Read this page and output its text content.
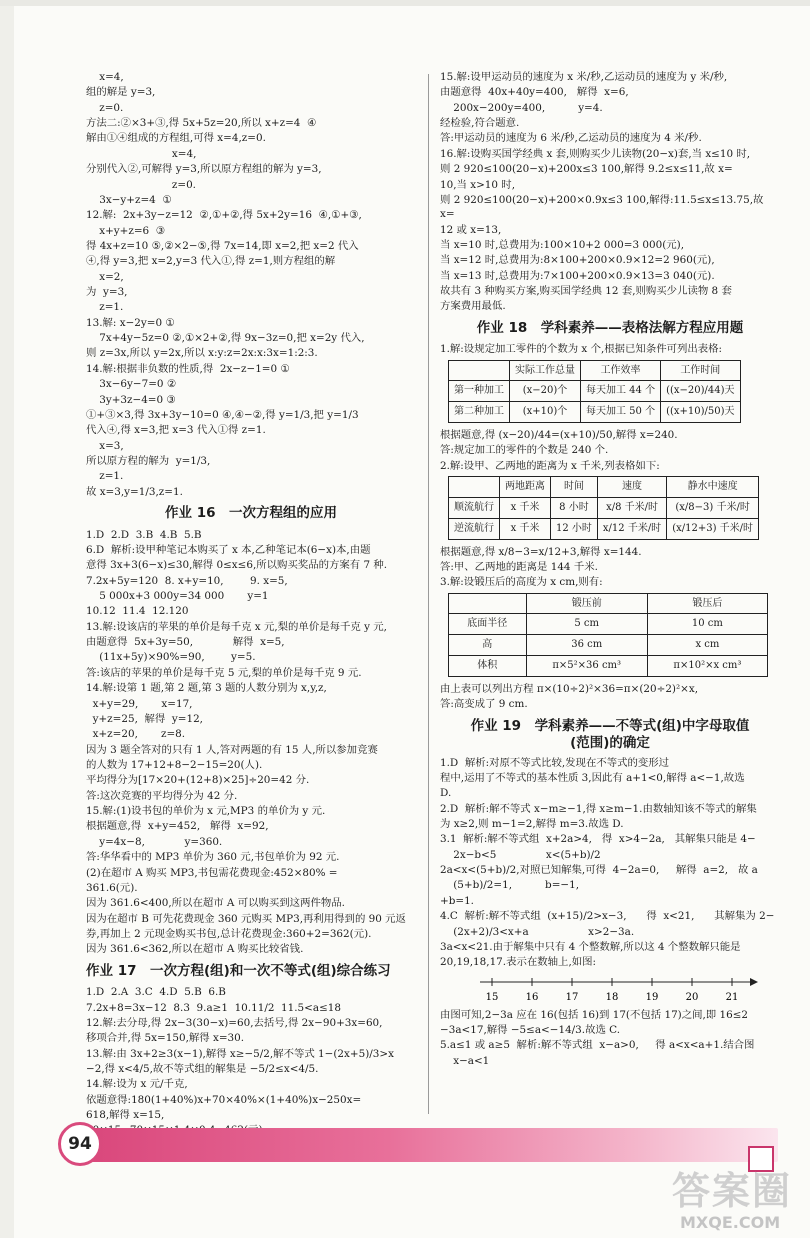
x=4,

组的解是 y=3,

z=0.

方法二:②×3+③,得 5x+5z=20,所以 x+z=4  ④

解由①④组成的方程组,可得 x=4,z=0.

x=4,

分别代入②,可解得 y=3,所以原方程组的解为 y=3,

z=0.

3x−y+z=4  ①

12.解:  2x+3y−z=12  ②,①+②,得 5x+2y=16  ④,①+③,

x+y+z=6  ③

得 4x+z=10 ⑤,②×2−⑤,得 7x=14,即 x=2,把 x=2 代入

④,得 y=3,把 x=2,y=3 代入①,得 z=1,则方程组的解

x=2,

为  y=3,

z=1.

13.解: x−2y=0 ①

7x+4y−5z=0 ②,①×2+②,得 9x−3z=0,把 x=2y 代入,

则 z=3x,所以 y=2x,所以 x:y:z=2x:x:3x=1:2:3.

14.解:根据非负数的性质,得  2x−z−1=0 ①

3x−6y−7=0 ②

3y+3z−4=0 ③

①+③×3,得 3x+3y−10=0 ④,④−②,得 y=1/3,把 y=1/3

代入④,得 x=3,把 x=3 代入①得 z=1.

x=3,

所以原方程的解为  y=1/3,

z=1.

故 x=3,y=1/3,z=1.

作业 16　一次方程组的应用

1.D  2.D  3.B  4.B  5.B

6.D  解析:设甲种笔记本购买了 x 本,乙种笔记本(6−x)本,由题

意得 3x+3(6−x)≤30,解得 0≤x≤6,所以购买奖品的方案有 7 种.

7.2x+5y=120  8. x+y=10,        9. x=5,

5 000x+3 000y=34 000       y=1

10.12  11.4  12.120

13.解:设该店的苹果的单价是每千克 x 元,梨的单价是每千克 y 元,

由题意得  5x+3y=50,            解得  x=5,

(11x+5y)×90%=90,        y=5.

答:该店的苹果的单价是每千克 5 元,梨的单价是每千克 9 元.

14.解:设第 1 题,第 2 题,第 3 题的人数分别为 x,y,z,

x+y=29,       x=17,

y+z=25,  解得  y=12,

x+z=20,       z=8.

因为 3 题全答对的只有 1 人,答对两题的有 15 人,所以参加竞赛

的人数为 17+12+8−2−15=20(人).

平均得分为[17×20+(12+8)×25]÷20=42 分.

答:这次竞赛的平均得分为 42 分.

15.解:(1)设书包的单价为 x 元,MP3 的单价为 y 元.

根据题意,得  x+y=452,   解得  x=92,

y=4x−8,            y=360.

答:华华看中的 MP3 单价为 360 元,书包单价为 92 元.

(2)在超市 A 购买 MP3,书包需花费现金:452×80% =

361.6(元).

因为 361.6<400,所以在超市 A 可以购买到这两件物品.

因为在超市 B 可先花费现金 360 元购买 MP3,再利用得到的 90 元返

券,再加上 2 元现金购买书包,总计花费现金:360+2=362(元).

因为 361.6<362,所以在超市 A 购买比较省钱.

作业 17　一次方程(组)和一次不等式(组)综合练习

1.D  2.A  3.C  4.D  5.B  6.B

7.2x+8=3x−12  8.3  9.a≥1  10.11/2  11.5<a≤18

12.解:去分母,得 2x−3(30−x)=60,去括号,得 2x−90+3x=60,

移项合并,得 5x=150,解得 x=30.

13.解:由 3x+2≥3(x−1),解得 x≥−5/2,解不等式 1−(2x+5)/3>x

−2,得 x<4/5,故不等式组的解集是 −5/2≤x<4/5.

14.解:设为 x 元/千克,

依题意得:180(1+40%)x+70×40%×(1+40%)x−250x=

618,解得 x=15,

15.解:设甲运动员的速度为 x 米/秒,乙运动员的速度为 y 米/秒,

由题意得  40x+40y=400,   解得  x=6,

200x−200y=400,          y=4.

经检验,符合题意.

答:甲运动员的速度为 6 米/秒,乙运动员的速度为 4 米/秒.

16.解:设购买国学经典 x 套,则购买少儿读物(20−x)套,当 x≤10 时,

则 2 920≤100(20−x)+200x≤3 100,解得 9.2≤x≤11,故 x=

10,当 x>10 时,

则 2 920≤100(20−x)+200×0.9x≤3 100,解得:11.5≤x≤13.75,故 x=

12 或 x=13,

当 x=10 时,总费用为:100×10+2 000=3 000(元),

当 x=12 时,总费用为:8×100+200×0.9×12=2 960(元),

当 x=13 时,总费用为:7×100+200×0.9×13=3 040(元).

故共有 3 种购买方案,购买国学经典 12 套,则购买少儿读物 8 套

方案费用最低.

作业 18　学科素养——表格法解方程应用题

1.解:设规定加工零件的个数为 x 个,根据已知条件可列出表格:

	实际工作总量	工作效率	工作时间
第一种加工	(x−20)个	每天加工 44 个	((x−20)/44)天
第二种加工	(x+10)个	每天加工 50 个	((x+10)/50)天

根据题意,得 (x−20)/44=(x+10)/50,解得 x=240.

答:规定加工的零件的个数是 240 个.

2.解:设甲、乙两地的距离为 x 千米,列表格如下:

	两地距离	时间	速度	静水中速度
顺流航行	x 千米	8 小时	x/8 千米/时	(x/8−3) 千米/时
逆流航行	x 千米	12 小时	x/12 千米/时	(x/12+3) 千米/时

根据题意,得 x/8−3=x/12+3,解得 x=144.

答:甲、乙两地的距离是 144 千米.

3.解:设锻压后的高度为 x cm,则有:

	锻压前	锻压后
底面半径	5 cm	10 cm
高	36 cm	x cm
体积	π×5²×36 cm³	π×10²×x cm³

由上表可以列出方程 π×(10÷2)²×36=π×(20÷2)²×x,

答:高变成了 9 cm.

作业 19　学科素养——不等式(组)中字母取值
(范围)的确定

1.D  解析:对原不等式比较,发现在不等式的变形过

程中,运用了不等式的基本性质 3,因此有 a+1<0,解得 a<−1,故选

D.

2.D  解析:解不等式 x−m≥−1,得 x≥m−1.由数轴知该不等式的解集

为 x≥2,则 m−1=2,解得 m=3.故选 D.

3.1  解析:解不等式组  x+2a>4,   得  x>4−2a,   其解集只能是 4−

2x−b<5               x<(5+b)/2

2a<x<(5+b)/2,对照已知解集,可得  4−2a=0,     解得  a=2,   故 a

(5+b)/2=1,          b=−1,

+b=1.

4.C  解析:解不等式组  (x+15)/2>x−3,      得  x<21,      其解集为 2−

(2x+2)/3<x+a                  x>2−3a.

3a<x<21.由于解集中只有 4 个整数解,所以这 4 个整数解只能是

20,19,18,17.表示在数轴上,如图:

15	16	17	18	19	20	21

由图可知,2−3a 应在 16(包括 16)到 17(不包括 17)之间,即 16≤2

−3a<17,解得 −5≤a<−14/3.故选 C.

5.a≤1 或 a≥5  解析:解不等式组  x−a>0,     得 a<x<a+1.结合图

x−a<1

94
答案圈
MXQE.COM
